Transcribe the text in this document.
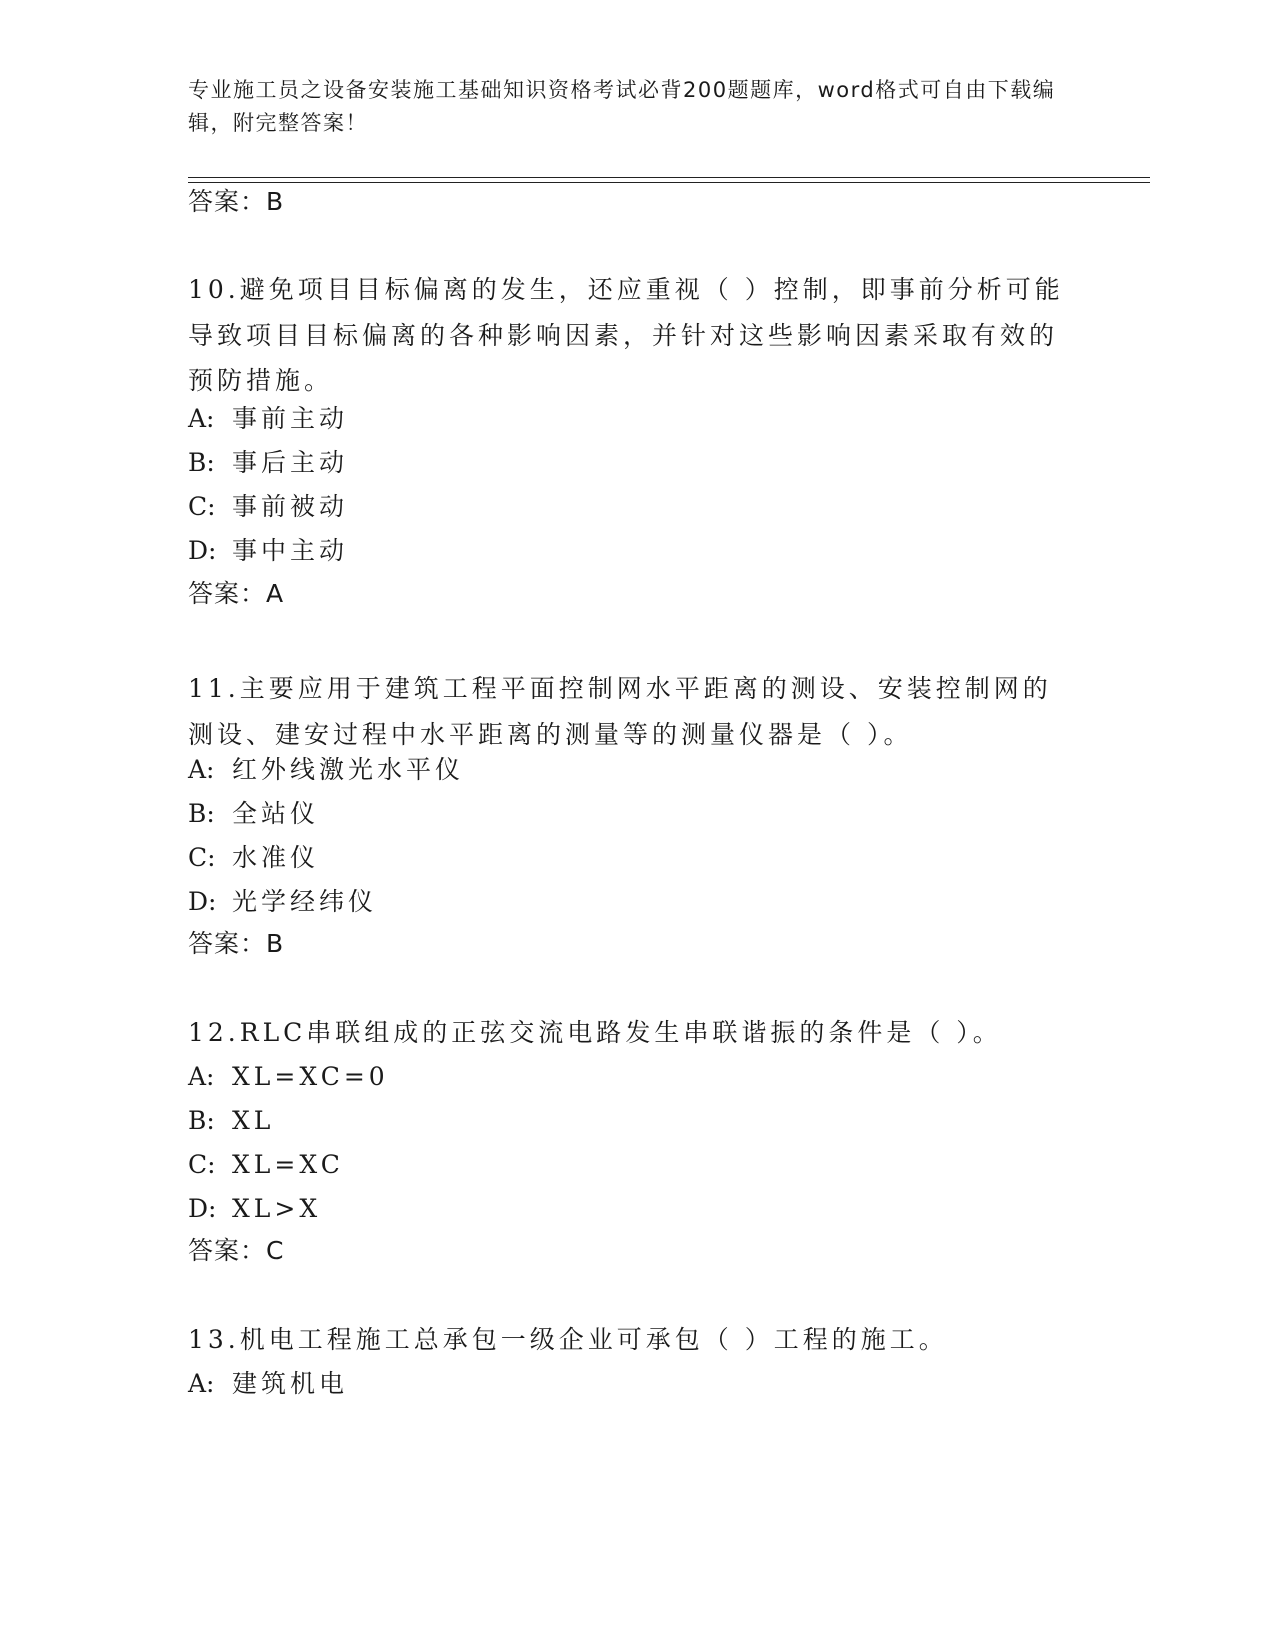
专业施工员之设备安装施工基础知识资格考试必背200题题库，word格式可自由下载编辑，附完整答案！
答案：B
10.避免项目目标偏离的发生，还应重视（ ）控制，即事前分析可能导致项目目标偏离的各种影响因素，并针对这些影响因素采取有效的预防措施。
A: 事前主动
B: 事后主动
C: 事前被动
D: 事中主动
答案：A
11.主要应用于建筑工程平面控制网水平距离的测设、安装控制网的测设、建安过程中水平距离的测量等的测量仪器是（ ）。
A: 红外线激光水平仪
B: 全站仪
C: 水准仪
D: 光学经纬仪
答案：B
12.RLC串联组成的正弦交流电路发生串联谐振的条件是（ ）。
A: XL=XC=0
B: XL
C: XL=XC
D: XL>X
答案：C
13.机电工程施工总承包一级企业可承包（ ）工程的施工。
A: 建筑机电
